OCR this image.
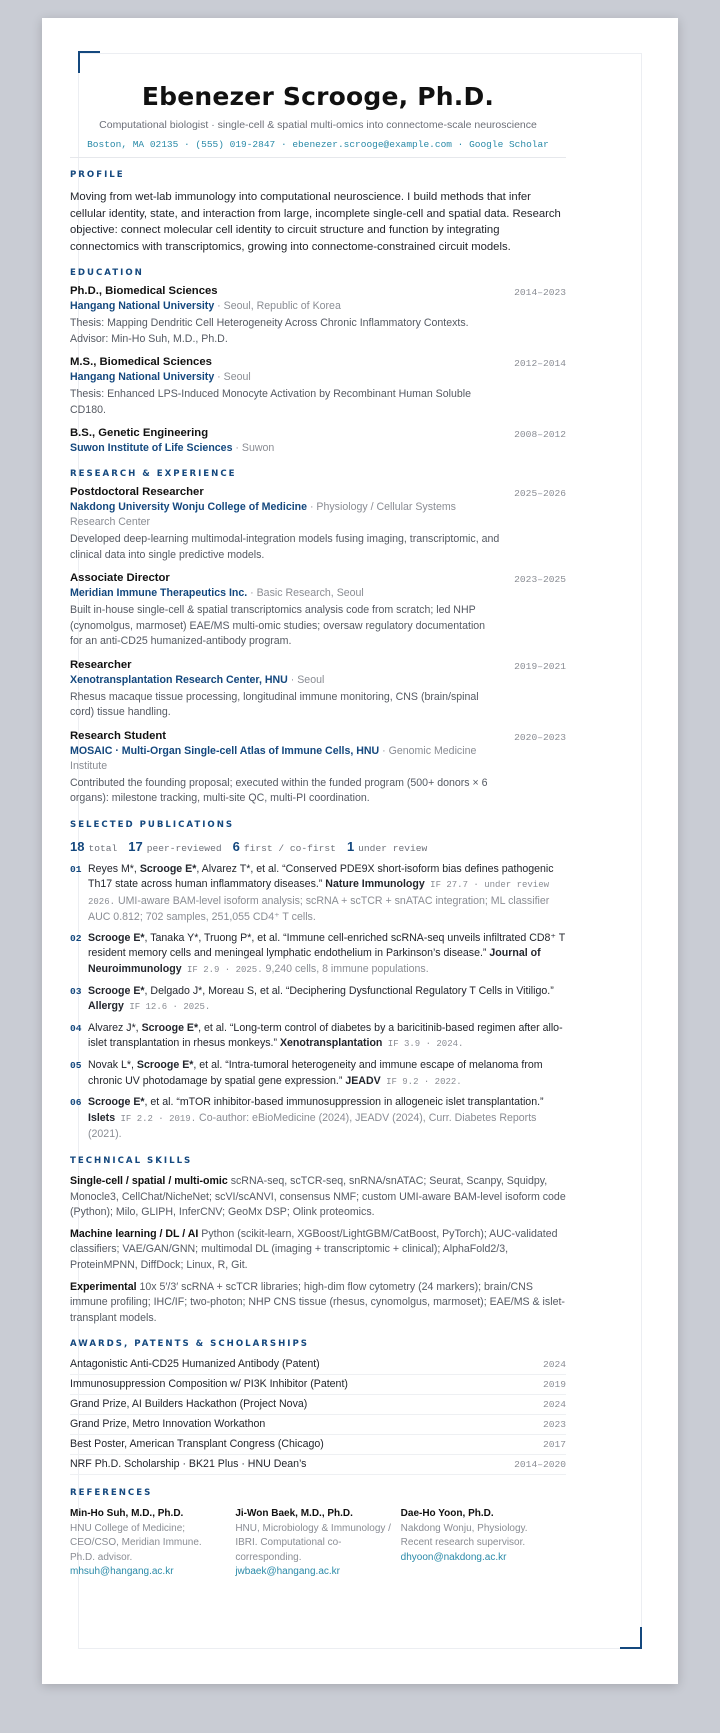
Ebenezer Scrooge, Ph.D.
Computational biologist · single-cell & spatial multi-omics into connectome-scale neuroscience
Boston, MA 02135 · (555) 019-2847 · ebenezer.scrooge@example.com · Google Scholar
PROFILE
Moving from wet-lab immunology into computational neuroscience. I build methods that infer cellular identity, state, and interaction from large, incomplete single-cell and spatial data. Research objective: connect molecular cell identity to circuit structure and function by integrating connectomics with transcriptomics, growing into connectome-constrained circuit models.
EDUCATION
Ph.D., Biomedical Sciences	2014–2023
Hangang National University · Seoul, Republic of Korea
Thesis: Mapping Dendritic Cell Heterogeneity Across Chronic Inflammatory Contexts. Advisor: Min-Ho Suh, M.D., Ph.D.
M.S., Biomedical Sciences	2012–2014
Hangang National University · Seoul
Thesis: Enhanced LPS-Induced Monocyte Activation by Recombinant Human Soluble CD180.
B.S., Genetic Engineering	2008–2012
Suwon Institute of Life Sciences · Suwon
RESEARCH & EXPERIENCE
Postdoctoral Researcher	2025–2026
Nakdong University Wonju College of Medicine · Physiology / Cellular Systems Research Center
Developed deep-learning multimodal-integration models fusing imaging, transcriptomic, and clinical data into single predictive models.
Associate Director	2023–2025
Meridian Immune Therapeutics Inc. · Basic Research, Seoul
Built in-house single-cell & spatial transcriptomics analysis code from scratch; led NHP (cynomolgus, marmoset) EAE/MS multi-omic studies; oversaw regulatory documentation for an anti-CD25 humanized-antibody program.
Researcher	2019–2021
Xenotransplantation Research Center, HNU · Seoul
Rhesus macaque tissue processing, longitudinal immune monitoring, CNS (brain/spinal cord) tissue handling.
Research Student	2020–2023
MOSAIC · Multi-Organ Single-cell Atlas of Immune Cells, HNU · Genomic Medicine Institute
Contributed the founding proposal; executed within the funded program (500+ donors × 6 organs): milestone tracking, multi-site QC, multi-PI coordination.
SELECTED PUBLICATIONS
18 total 17 peer-reviewed 6 first / co-first 1 under review
01 Reyes M*, Scrooge E*, Alvarez T*, et al. “Conserved PDE9X short-isoform bias defines pathogenic Th17 state across human inflammatory diseases.” Nature Immunology IF 27.7 · under review 2026. UMI-aware BAM-level isoform analysis; scRNA + scTCR + snATAC integration; ML classifier AUC 0.812; 702 samples, 251,055 CD4⁺ T cells.
02 Scrooge E*, Tanaka Y*, Truong P*, et al. “Immune cell-enriched scRNA-seq unveils infiltrated CD8⁺ T resident memory cells and meningeal lymphatic endothelium in Parkinson’s disease.” Journal of Neuroimmunology IF 2.9 · 2025. 9,240 cells, 8 immune populations.
03 Scrooge E*, Delgado J*, Moreau S, et al. “Deciphering Dysfunctional Regulatory T Cells in Vitiligo.” Allergy IF 12.6 · 2025.
04 Alvarez J*, Scrooge E*, et al. “Long-term control of diabetes by a baricitinib-based regimen after allo-islet transplantation in rhesus monkeys.” Xenotransplantation IF 3.9 · 2024.
05 Novak L*, Scrooge E*, et al. “Intra-tumoral heterogeneity and immune escape of melanoma from chronic UV photodamage by spatial gene expression.” JEADV IF 9.2 · 2022.
06 Scrooge E*, et al. “mTOR inhibitor-based immunosuppression in allogeneic islet transplantation.” Islets IF 2.2 · 2019. Co-author: eBioMedicine (2024), JEADV (2024), Curr. Diabetes Reports (2021).
TECHNICAL SKILLS
Single-cell / spatial / multi-omic scRNA-seq, scTCR-seq, snRNA/snATAC; Seurat, Scanpy, Squidpy, Monocle3, CellChat/NicheNet; scVI/scANVI, consensus NMF; custom UMI-aware BAM-level isoform code (Python); Milo, GLIPH, InferCNV; GeoMx DSP; Olink proteomics.
Machine learning / DL / AI Python (scikit-learn, XGBoost/LightGBM/CatBoost, PyTorch); AUC-validated classifiers; VAE/GAN/GNN; multimodal DL (imaging + transcriptomic + clinical); AlphaFold2/3, ProteinMPNN, DiffDock; Linux, R, Git.
Experimental 10x 5′/3′ scRNA + scTCR libraries; high-dim flow cytometry (24 markers); brain/CNS immune profiling; IHC/IF; two-photon; NHP CNS tissue (rhesus, cynomolgus, marmoset); EAE/MS & islet-transplant models.
AWARDS, PATENTS & SCHOLARSHIPS
Antagonistic Anti-CD25 Humanized Antibody (Patent)	2024
Immunosuppression Composition w/ PI3K Inhibitor (Patent)	2019
Grand Prize, AI Builders Hackathon (Project Nova)	2024
Grand Prize, Metro Innovation Workathon	2023
Best Poster, American Transplant Congress (Chicago)	2017
NRF Ph.D. Scholarship · BK21 Plus · HNU Dean’s	2014–2020
REFERENCES
Min-Ho Suh, M.D., Ph.D.
HNU College of Medicine; CEO/CSO, Meridian Immune. Ph.D. advisor.
mhsuh@hangang.ac.kr
Ji-Won Baek, M.D., Ph.D.
HNU, Microbiology & Immunology / IBRI. Computational co-corresponding.
jwbaek@hangang.ac.kr
Dae-Ho Yoon, Ph.D.
Nakdong Wonju, Physiology. Recent research supervisor.
dhyoon@nakdong.ac.kr
